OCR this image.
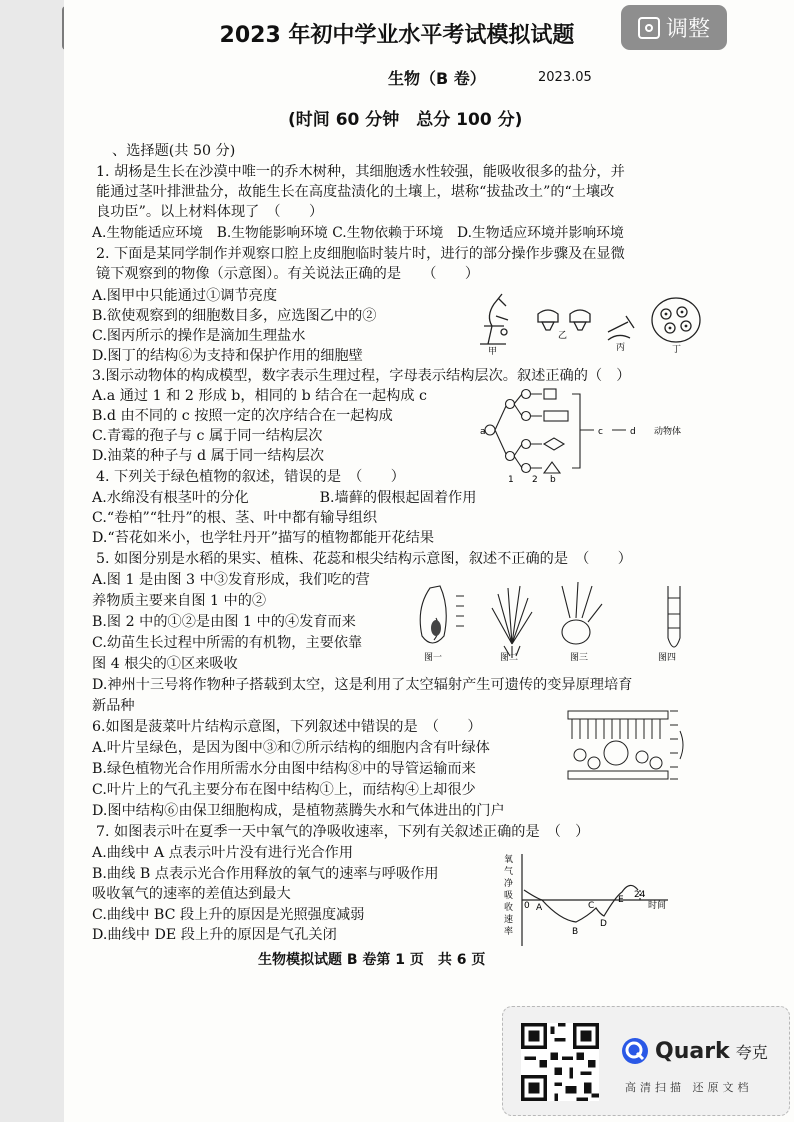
调整
2023 年初中学业水平考试模拟试题
生物（B 卷）	2023.05
(时间 60 分钟　总分 100 分)
、选择题(共 50 分)
1. 胡杨是生长在沙漠中唯一的乔木树种，其细胞透水性较强，能吸收很多的盐分，并
能通过茎叶排泄盐分，故能生长在高度盐渍化的土壤上，堪称“拔盐改土”的“土壤改
良功臣”。以上材料体现了　（　　）
A.生物能适应环境　B.生物能影响环境 C.生物依赖于环境　D.生物适应环境并影响环境
2. 下面是某同学制作并观察口腔上皮细胞临时装片时，进行的部分操作步骤及在显微
镜下观察到的物像（示意图）。有关说法正确的是　　（　　）
A.图甲中只能通过①调节亮度
B.欲使观察到的细胞数目多，应选图乙中的②
C.图丙所示的操作是滴加生理盐水
D.图丁的结构⑥为支持和保护作用的细胞壁
3.图示动物体的构成模型，数字表示生理过程，字母表示结构层次。叙述正确的（　）
A.a 通过 1 和 2 形成 b，相同的 b 结合在一起构成 c
B.d 由不同的 c 按照一定的次序结合在一起构成
C.青霉的孢子与 c 属于同一结构层次
D.油菜的种子与 d 属于同一结构层次
4. 下列关于绿色植物的叙述，错误的是　（　　）
A.水绵没有根茎叶的分化　　　　　B.墙藓的假根起固着作用
C.“卷柏”“牡丹”的根、茎、叶中都有输导组织
D.“苔花如米小，也学牡丹开”描写的植物都能开花结果
5. 如图分别是水稻的果实、植株、花蕊和根尖结构示意图，叙述不正确的是　（　　）
A.图 1 是由图 3 中③发育形成，我们吃的营
养物质主要来自图 1 中的②
B.图 2 中的①②是由图 1 中的④发育而来
C.幼苗生长过程中所需的有机物，主要依靠
图 4 根尖的①区来吸收
D.神州十三号将作物种子搭载到太空，这是利用了太空辐射产生可遗传的变异原理培育
新品种
6.如图是菠菜叶片结构示意图，下列叙述中错误的是　（　　）
A.叶片呈绿色，是因为图中③和⑦所示结构的细胞内含有叶绿体
B.绿色植物光合作用所需水分由图中结构⑧中的导管运输而来
C.叶片上的气孔主要分布在图中结构①上，而结构④上却很少
D.图中结构⑥由保卫细胞构成，是植物蒸腾失水和气体进出的门户
7. 如图表示叶在夏季一天中氧气的净吸收速率，下列有关叙述正确的是　（　）
A.曲线中 A 点表示叶片没有进行光合作用
B.曲线 B 点表示光合作用释放的氧气的速率与呼吸作用
吸收氧气的速率的差值达到最大
C.曲线中 BC 段上升的原因是光照强度减弱
D.曲线中 DE 段上升的原因是气孔关闭
生物模拟试题 B 卷第 1 页　共 6 页
甲
乙
丙	丁
a	c	d 动物体
1 2 b
图一	图二	图三	图四
氧
气
净
吸
收
速
率
0 A
B
C
D
E 24
时间
Quark 夸克
高清扫描 还原文档
